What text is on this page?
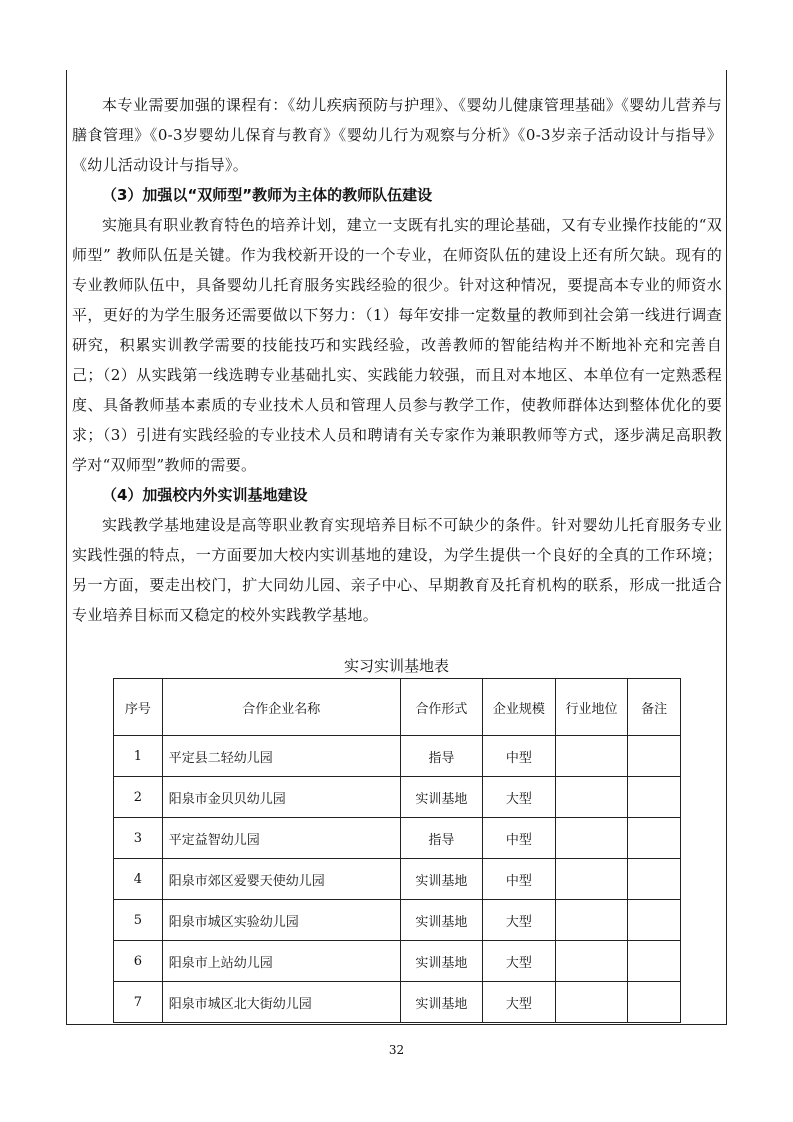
本专业需要加强的课程有：《幼儿疾病预防与护理》、《婴幼儿健康管理基础》《婴幼儿营养与膳食管理》《0-3岁婴幼儿保育与教育》《婴幼儿行为观察与分析》《0-3岁亲子活动设计与指导》《幼儿活动设计与指导》。

（3）加强以“双师型”教师为主体的教师队伍建设

实施具有职业教育特色的培养计划，建立一支既有扎实的理论基础，又有专业操作技能的“双师型” 教师队伍是关键。作为我校新开设的一个专业，在师资队伍的建设上还有所欠缺。现有的专业教师队伍中，具备婴幼儿托育服务实践经验的很少。针对这种情况，要提高本专业的师资水平，更好的为学生服务还需要做以下努力：（1）每年安排一定数量的教师到社会第一线进行调查研究，积累实训教学需要的技能技巧和实践经验，改善教师的智能结构并不断地补充和完善自己；（2）从实践第一线选聘专业基础扎实、实践能力较强，而且对本地区、本单位有一定熟悉程度、具备教师基本素质的专业技术人员和管理人员参与教学工作，使教师群体达到整体优化的要求；（3）引进有实践经验的专业技术人员和聘请有关专家作为兼职教师等方式，逐步满足高职教学对“双师型”教师的需要。

（4）加强校内外实训基地建设

实践教学基地建设是高等职业教育实现培养目标不可缺少的条件。针对婴幼儿托育服务专业实践性强的特点，一方面要加大校内实训基地的建设，为学生提供一个良好的全真的工作环境；另一方面，要走出校门，扩大同幼儿园、亲子中心、早期教育及托育机构的联系，形成一批适合专业培养目标而又稳定的校外实践教学基地。

实习实训基地表
序号	合作企业名称	合作形式	企业规模	行业地位	备注
1	平定县二轻幼儿园	指导	中型		
2	阳泉市金贝贝幼儿园	实训基地	大型		
3	平定益智幼儿园	指导	中型		
4	阳泉市郊区爱婴天使幼儿园	实训基地	中型		
5	阳泉市城区实验幼儿园	实训基地	大型		
6	阳泉市上站幼儿园	实训基地	大型		
7	阳泉市城区北大街幼儿园	实训基地	大型		
32
